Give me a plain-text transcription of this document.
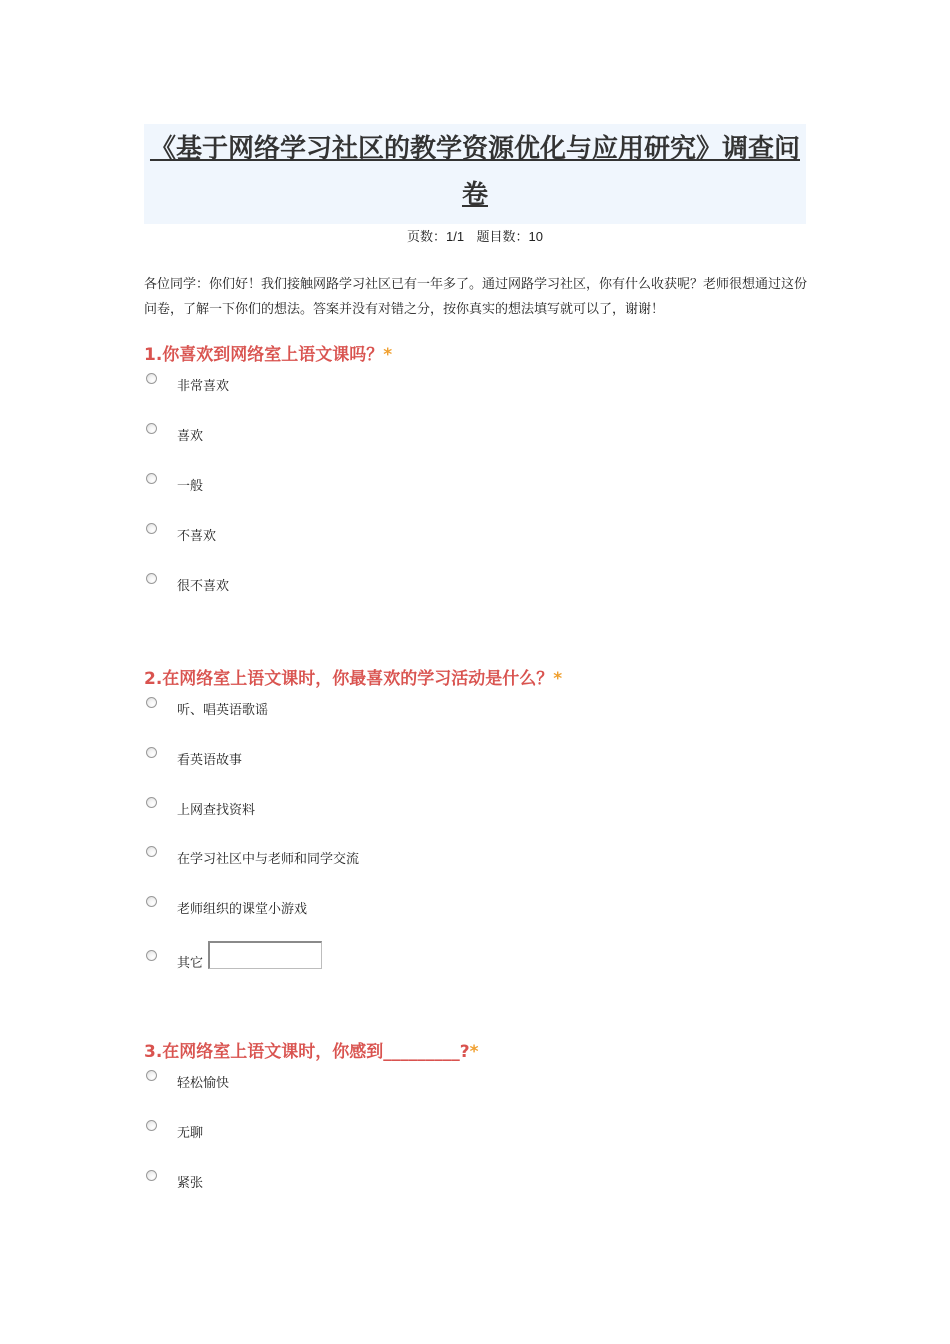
《基于网络学习社区的教学资源优化与应用研究》调查问卷
页数：1/1 题目数：10
各位同学：你们好！我们接触网路学习社区已有一年多了。通过网路学习社区，你有什么收获呢？老师很想通过这份问卷，了解一下你们的想法。答案并没有对错之分，按你真实的想法填写就可以了，谢谢！
1.你喜欢到网络室上语文课吗？*
非常喜欢
喜欢
一般
不喜欢
很不喜欢
2.在网络室上语文课时，你最喜欢的学习活动是什么？*
听、唱英语歌谣
看英语故事
上网查找资料
在学习社区中与老师和同学交流
老师组织的课堂小游戏
其它
3.在网络室上语文课时，你感到_________?*
轻松愉快
无聊
紧张
